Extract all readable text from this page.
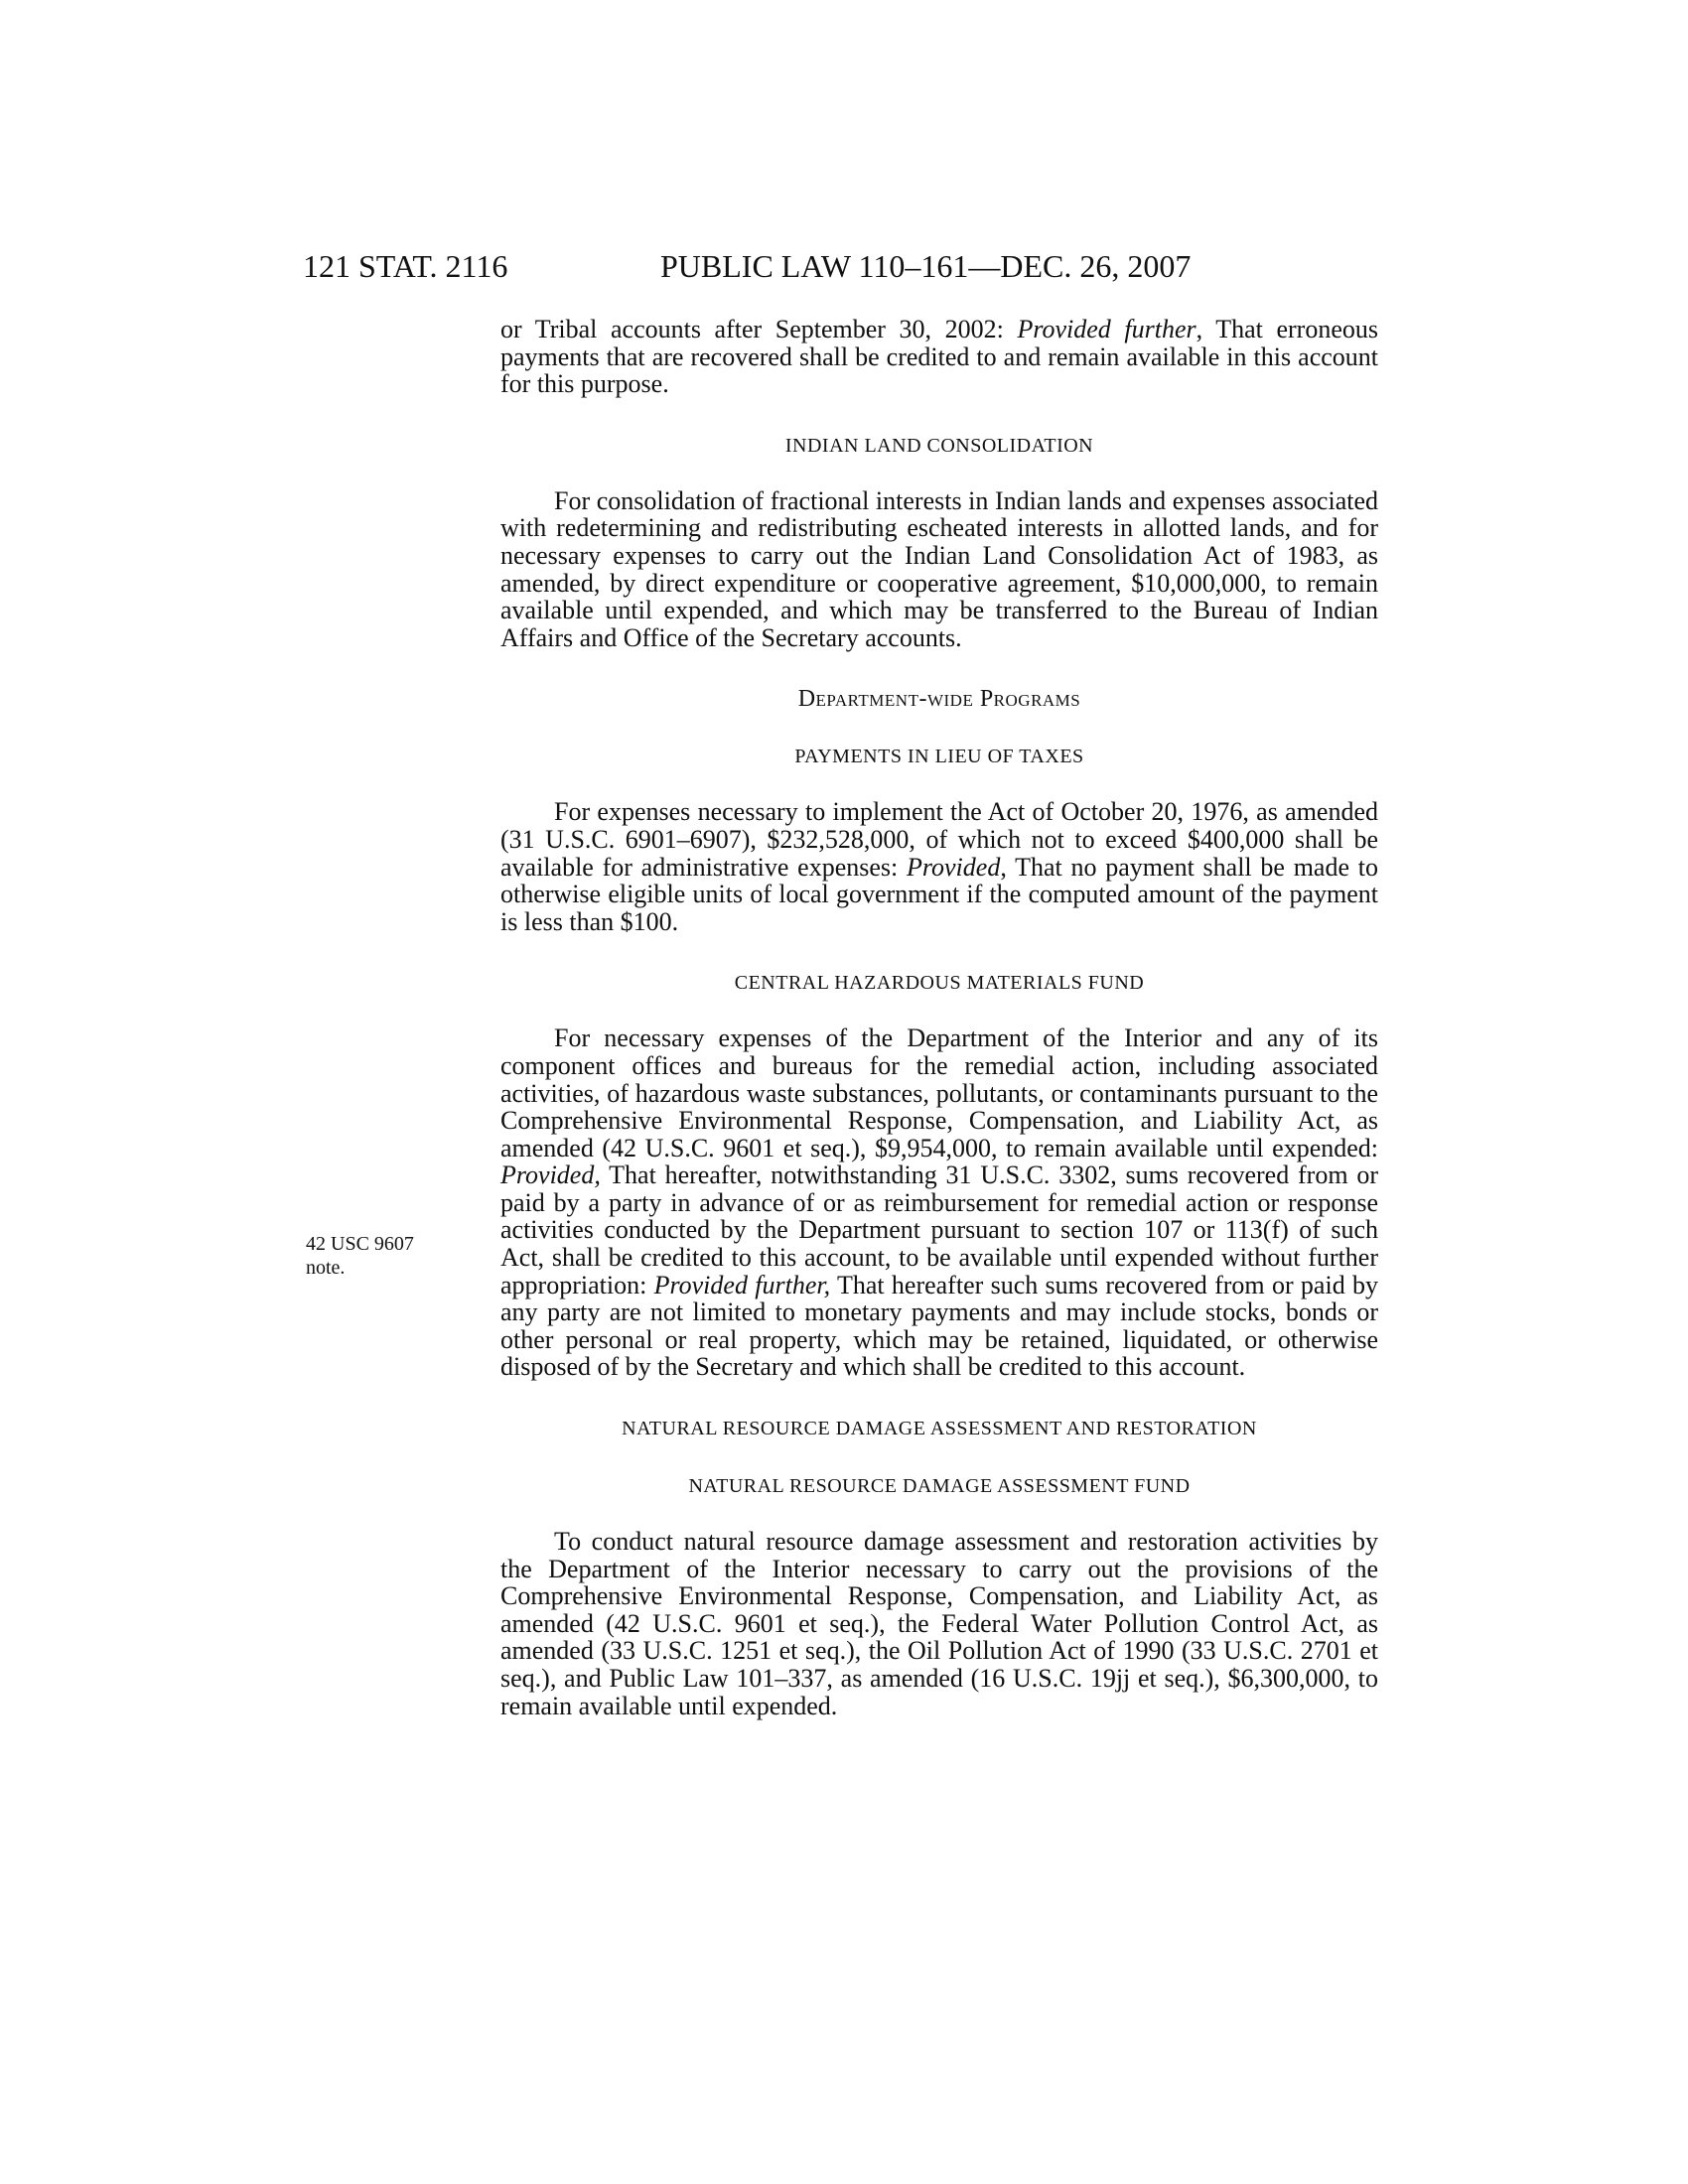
121 STAT. 2116	PUBLIC LAW 110–161—DEC. 26, 2007
42 USC 9607
note.

or Tribal accounts after September 30, 2002: Provided further, That erroneous payments that are recovered shall be credited to and remain available in this account for this purpose.

INDIAN LAND CONSOLIDATION

For consolidation of fractional interests in Indian lands and expenses associated with redetermining and redistributing escheated interests in allotted lands, and for necessary expenses to carry out the Indian Land Consolidation Act of 1983, as amended, by direct expenditure or cooperative agreement, $10,000,000, to remain available until expended, and which may be transferred to the Bureau of Indian Affairs and Office of the Secretary accounts.

Department-wide Programs
PAYMENTS IN LIEU OF TAXES

For expenses necessary to implement the Act of October 20, 1976, as amended (31 U.S.C. 6901–6907), $232,528,000, of which not to exceed $400,000 shall be available for administrative expenses: Provided, That no payment shall be made to otherwise eligible units of local government if the computed amount of the payment is less than $100.

CENTRAL HAZARDOUS MATERIALS FUND

For necessary expenses of the Department of the Interior and any of its component offices and bureaus for the remedial action, including associated activities, of hazardous waste substances, pollutants, or contaminants pursuant to the Comprehensive Environmental Response, Compensation, and Liability Act, as amended (42 U.S.C. 9601 et seq.), $9,954,000, to remain available until expended: Provided, That hereafter, notwithstanding 31 U.S.C. 3302, sums recovered from or paid by a party in advance of or as reimbursement for remedial action or response activities conducted by the Department pursuant to section 107 or 113(f) of such Act, shall be credited to this account, to be available until expended without further appropriation: Provided further, That hereafter such sums recovered from or paid by any party are not limited to monetary payments and may include stocks, bonds or other personal or real property, which may be retained, liquidated, or otherwise disposed of by the Secretary and which shall be credited to this account.

NATURAL RESOURCE DAMAGE ASSESSMENT AND RESTORATION
NATURAL RESOURCE DAMAGE ASSESSMENT FUND

To conduct natural resource damage assessment and restoration activities by the Department of the Interior necessary to carry out the provisions of the Comprehensive Environmental Response, Compensation, and Liability Act, as amended (42 U.S.C. 9601 et seq.), the Federal Water Pollution Control Act, as amended (33 U.S.C. 1251 et seq.), the Oil Pollution Act of 1990 (33 U.S.C. 2701 et seq.), and Public Law 101–337, as amended (16 U.S.C. 19jj et seq.), $6,300,000, to remain available until expended.
